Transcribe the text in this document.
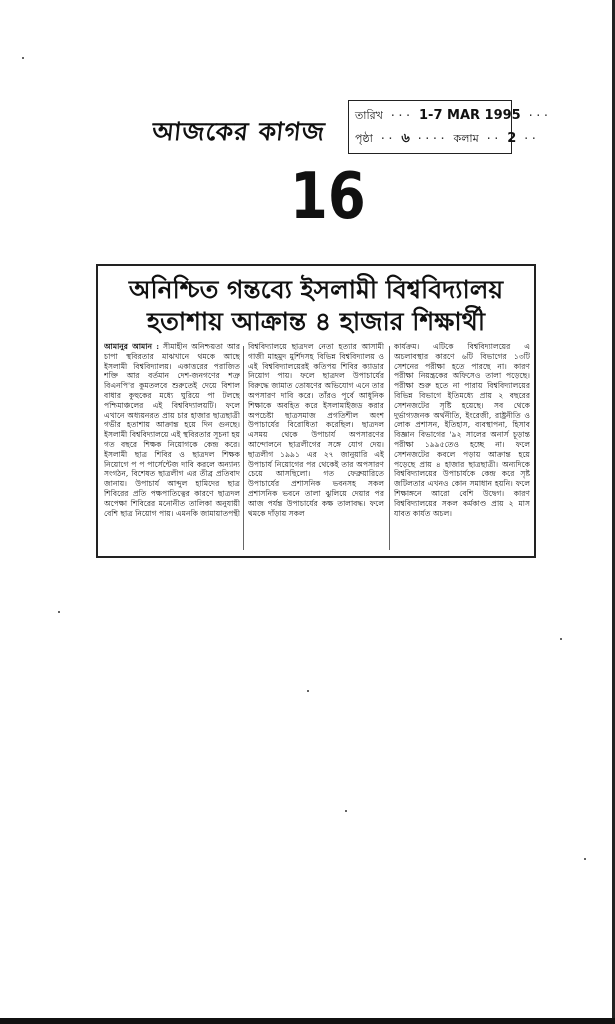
আজকের কাগজ
তারিখ ··· 1-7 MAR 1995 ···
পৃষ্ঠা ·· ৬ ···· কলাম ·· 2 ··
16
অনিশ্চিত গন্তব্যে ইসলামী বিশ্ববিদ্যালয়
হতাশায় আক্রান্ত ৪ হাজার শিক্ষার্থী
আমানুর আমান : সীমাহীন অনিশ্চয়তা আর চাপা স্থবিরতার মাঝখানে থমকে আছে ইসলামী বিশ্ববিদ্যালয়। একাত্তরের পরাজিত শক্তি আর বর্তমান দেশ-জনগণের শত্রু বিএনপি'র কুমতলবে শুরুতেই দেয়ে বিশাল বাধার কুহুকের মধ্যে ঘুরিয়ে পা টলছে পশ্চিমাঞ্চলের এই বিশ্ববিদ্যালয়টি। ফলে এখানে অধ্যয়নরত প্রায় চার হাজার ছাত্রছাত্রী গভীর হতাশায় আক্রান্ত হয়ে দিন গুনছে। ইসলামী বিশ্ববিদ্যালয়ে এই স্থবিরতার সূচনা হয় গত বছরে শিক্ষক নিয়োগকে কেন্দ্র করে। ইসলামী ছাত্র শিবির ও ছাত্রদল শিক্ষক নিয়োগে প প পার্সেন্টেজ দাবি করলে অন্যান্য সংগঠন, বিশেষত ছাত্রলীগ এর তীব্র প্রতিবাদ জানায়। উপাচার্য আব্দুল হামিদের ছাত্র শিবিরের প্রতি পক্ষপাতিত্বের কারণে ছাত্রদল অপেক্ষা শিবিরের মনোনীত তালিকা অনুযায়ী বেশি ছাত্র নিয়োগ পায়। এমনকি জামায়াতপন্থী
বিশ্ববিদ্যালয়ে ছাত্রদল নেতা হত্যার আসামী গাজী মাহমুদ মুর্শিদসহ বিভিন্ন বিশ্ববিদ্যালয় ও এই বিশ্ববিদ্যালয়েরই কতিপয় শিবির ক্যাডার নিয়োগ পায়। ফলে ছাত্রদল উপাচার্যের বিরুদ্ধে জামাত তোষণের অভিযোগ এনে তার অপসারণ দাবি করে। তাঁরও পূর্বে আধুনিক শিক্ষাকে অবহিত করে ইসলামাইজড করার অপচেষ্টা ছাত্রসমাজ প্রগতিশীল অংশ উপাচার্যের বিরোধিতা করেছিল। ছাত্রদল এসময় থেকে উপাচার্য অপসারণের আন্দোলনে ছাত্রলীগের সঙ্গে যোগ দেয়। ছাত্রলীগ ১৯৯১ এর ২৭ জানুয়ারি এই উপাচার্য নিয়োগের পর থেকেই তার অপসারণ চেয়ে আসছিলো। গত ফেব্রুয়ারিতে উপাচার্যের প্রশাসনিক ভবনসহ সকল প্রশাসনিক ভবনে তালা ঝুলিয়ে দেয়ার পর আজ পর্যন্ত উপাচার্যের কক্ষ তালাবদ্ধ। ফলে থমকে দাঁড়ায় সকল
কার্যক্রম। এটিকে বিশ্ববিদ্যালয়ের এ অচলাবস্থার কারণে ৬টি বিভাগের ১৩টি সেশনের পরীক্ষা হতে পারছে না। কারণ পরীক্ষা নিয়ন্ত্রকের অফিসেও তালা পড়েছে। পরীক্ষা শুরু হতে না পারায় বিশ্ববিদ্যালয়ের বিভিন্ন বিভাগে ইতিমধ্যে প্রায় ২ বছরের সেশনজটের সৃষ্টি হয়েছে। সব থেকে দুর্ভাগ্যজনক অর্থনীতি, ইংরেজী, রাষ্ট্রনীতি ও লোক প্রশাসন, ইতিহাস, ব্যবস্থাপনা, হিসাব বিজ্ঞান বিভাগের '৯২ সালের অনার্স চূড়ান্ত পরীক্ষা ১৯৯৫তেও হচ্ছে না। ফলে সেশনজটের কবলে পড়ায় আক্রান্ত হয়ে পড়েছে প্রায় ৪ হাজার ছাত্রছাত্রী। অন্যদিকে বিশ্ববিদ্যালয়ের উপাচার্যকে কেন্দ্র করে সৃষ্ট জটিলতার এখনও কোন সমাধান হয়নি। ফলে শিক্ষাঙ্গনে আরো বেশি উদ্বেগ। কারণ বিশ্ববিদ্যালয়ের সকল কর্মকাণ্ড প্রায় ২ মাস যাবত কার্যত অচল।
